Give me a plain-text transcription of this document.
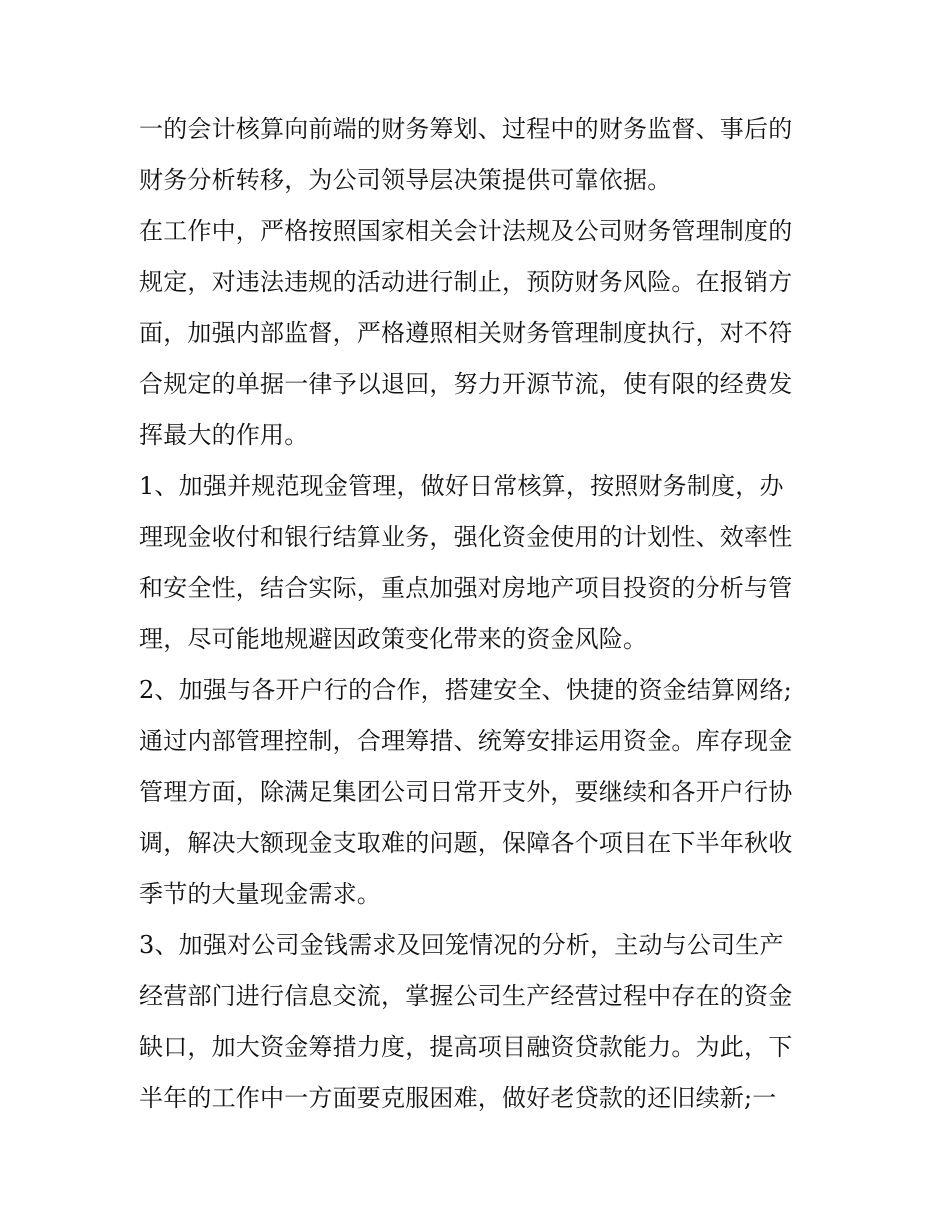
一的会计核算向前端的财务筹划、过程中的财务监督、事后的
财务分析转移，为公司领导层决策提供可靠依据。
在工作中，严格按照国家相关会计法规及公司财务管理制度的
规定，对违法违规的活动进行制止，预防财务风险。在报销方
面，加强内部监督，严格遵照相关财务管理制度执行，对不符
合规定的单据一律予以退回，努力开源节流，使有限的经费发
挥最大的作用。
1、加强并规范现金管理，做好日常核算，按照财务制度，办
理现金收付和银行结算业务，强化资金使用的计划性、效率性
和安全性，结合实际，重点加强对房地产项目投资的分析与管
理，尽可能地规避因政策变化带来的资金风险。
2、加强与各开户行的合作，搭建安全、快捷的资金结算网络;
通过内部管理控制，合理筹措、统筹安排运用资金。库存现金
管理方面，除满足集团公司日常开支外，要继续和各开户行协
调，解决大额现金支取难的问题，保障各个项目在下半年秋收
季节的大量现金需求。
3、加强对公司金钱需求及回笼情况的分析，主动与公司生产
经营部门进行信息交流，掌握公司生产经营过程中存在的资金
缺口，加大资金筹措力度，提高项目融资贷款能力。为此，下
半年的工作中一方面要克服困难，做好老贷款的还旧续新;一
